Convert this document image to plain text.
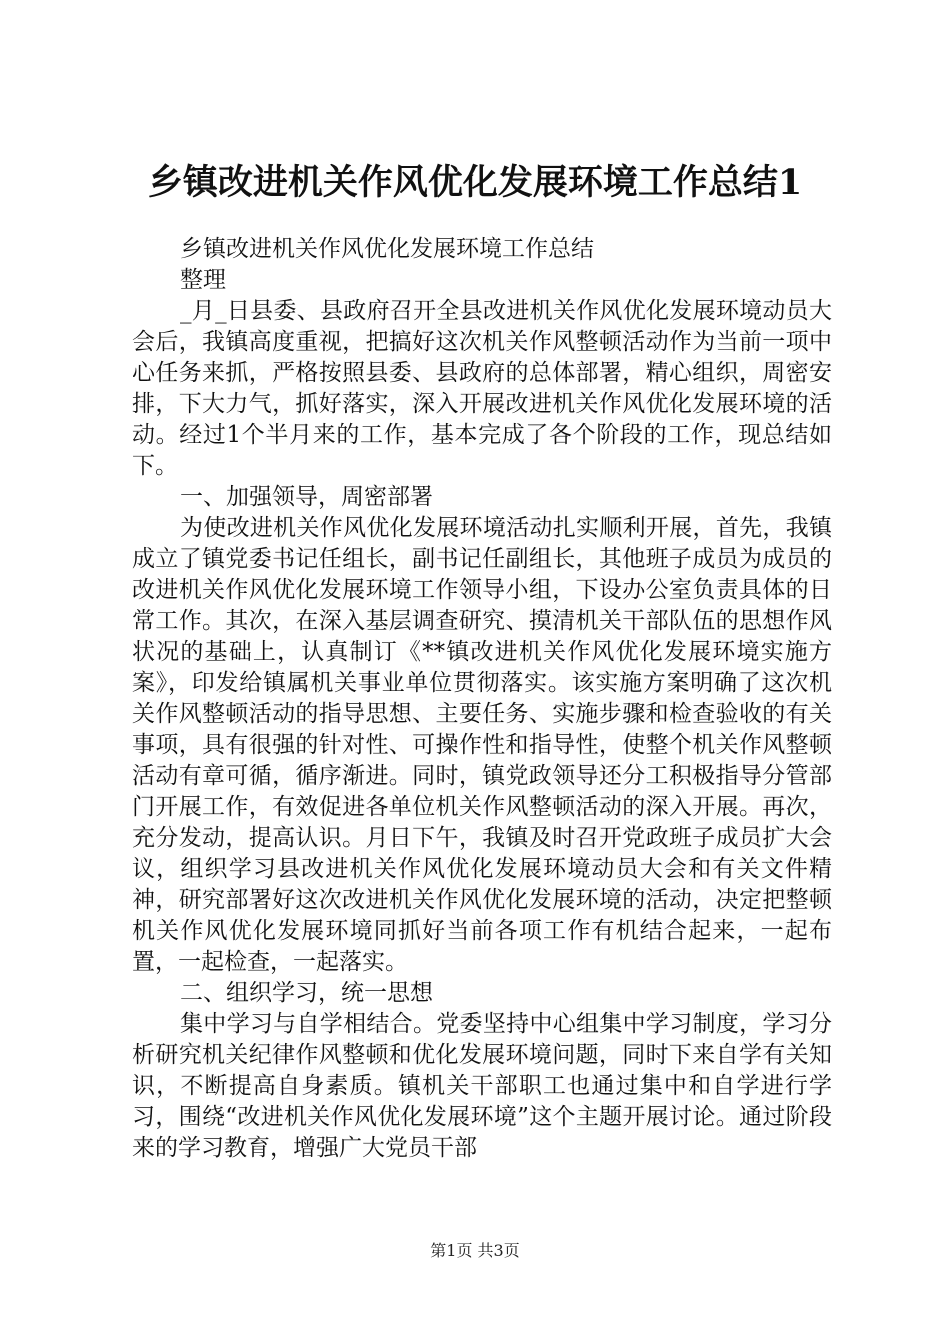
乡镇改进机关作风优化发展环境工作总结1

乡镇改进机关作风优化发展环境工作总结

整理

_月_日县委、县政府召开全县改进机关作风优化发展环境动员大会后，我镇高度重视，把搞好这次机关作风整顿活动作为当前一项中心任务来抓，严格按照县委、县政府的总体部署，精心组织，周密安排，下大力气，抓好落实，深入开展改进机关作风优化发展环境的活动。经过1个半月来的工作，基本完成了各个阶段的工作，现总结如下。

一、加强领导，周密部署

为使改进机关作风优化发展环境活动扎实顺利开展，首先，我镇成立了镇党委书记任组长，副书记任副组长，其他班子成员为成员的改进机关作风优化发展环境工作领导小组，下设办公室负责具体的日常工作。其次，在深入基层调查研究、摸清机关干部队伍的思想作风状况的基础上，认真制订《**镇改进机关作风优化发展环境实施方案》，印发给镇属机关事业单位贯彻落实。该实施方案明确了这次机关作风整顿活动的指导思想、主要任务、实施步骤和检查验收的有关事项，具有很强的针对性、可操作性和指导性，使整个机关作风整顿活动有章可循，循序渐进。同时，镇党政领导还分工积极指导分管部门开展工作，有效促进各单位机关作风整顿活动的深入开展。再次，充分发动，提高认识。月日下午，我镇及时召开党政班子成员扩大会议，组织学习县改进机关作风优化发展环境动员大会和有关文件精神，研究部署好这次改进机关作风优化发展环境的活动，决定把整顿机关作风优化发展环境同抓好当前各项工作有机结合起来，一起布置，一起检查，一起落实。

二、组织学习，统一思想

集中学习与自学相结合。党委坚持中心组集中学习制度，学习分析研究机关纪律作风整顿和优化发展环境问题，同时下来自学有关知识，不断提高自身素质。镇机关干部职工也通过集中和自学进行学习，围绕“改进机关作风优化发展环境”这个主题开展讨论。通过阶段来的学习教育，增强广大党员干部

第1页 共3页
